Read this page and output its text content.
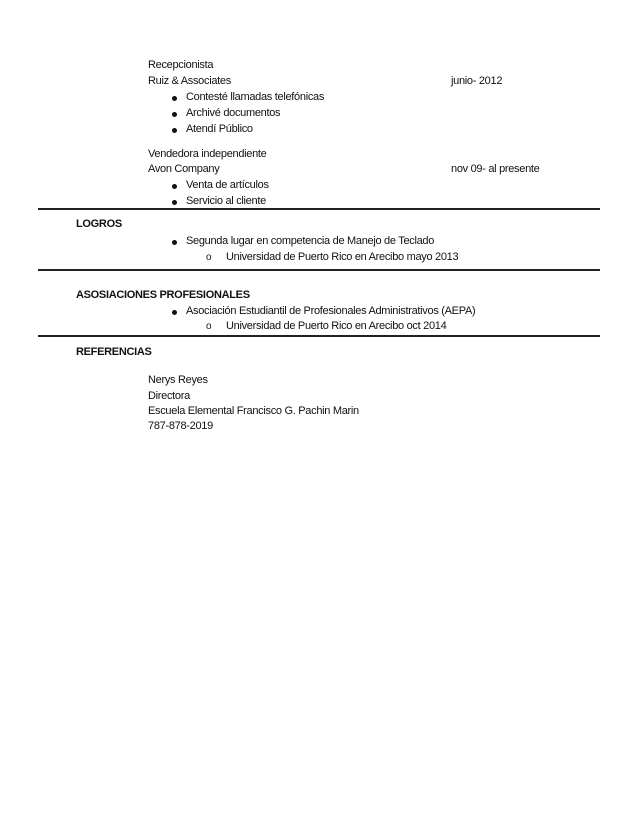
Recepcionista
Ruiz & Associates	junio- 2012
Contesté llamadas telefónicas
Archivé documentos
Atendí Público
Vendedora independiente
Avon Company	nov 09- al presente
Venta de artículos
Servicio al cliente
LOGROS
Segunda lugar en competencia de Manejo de Teclado
o Universidad de Puerto Rico en Arecibo mayo 2013
ASOSIACIONES PROFESIONALES
Asociación Estudiantil de Profesionales Administrativos (AEPA)
o Universidad de Puerto Rico en Arecibo oct 2014
REFERENCIAS
Nerys Reyes
Directora
Escuela Elemental Francisco G. Pachin Marin
787-878-2019
